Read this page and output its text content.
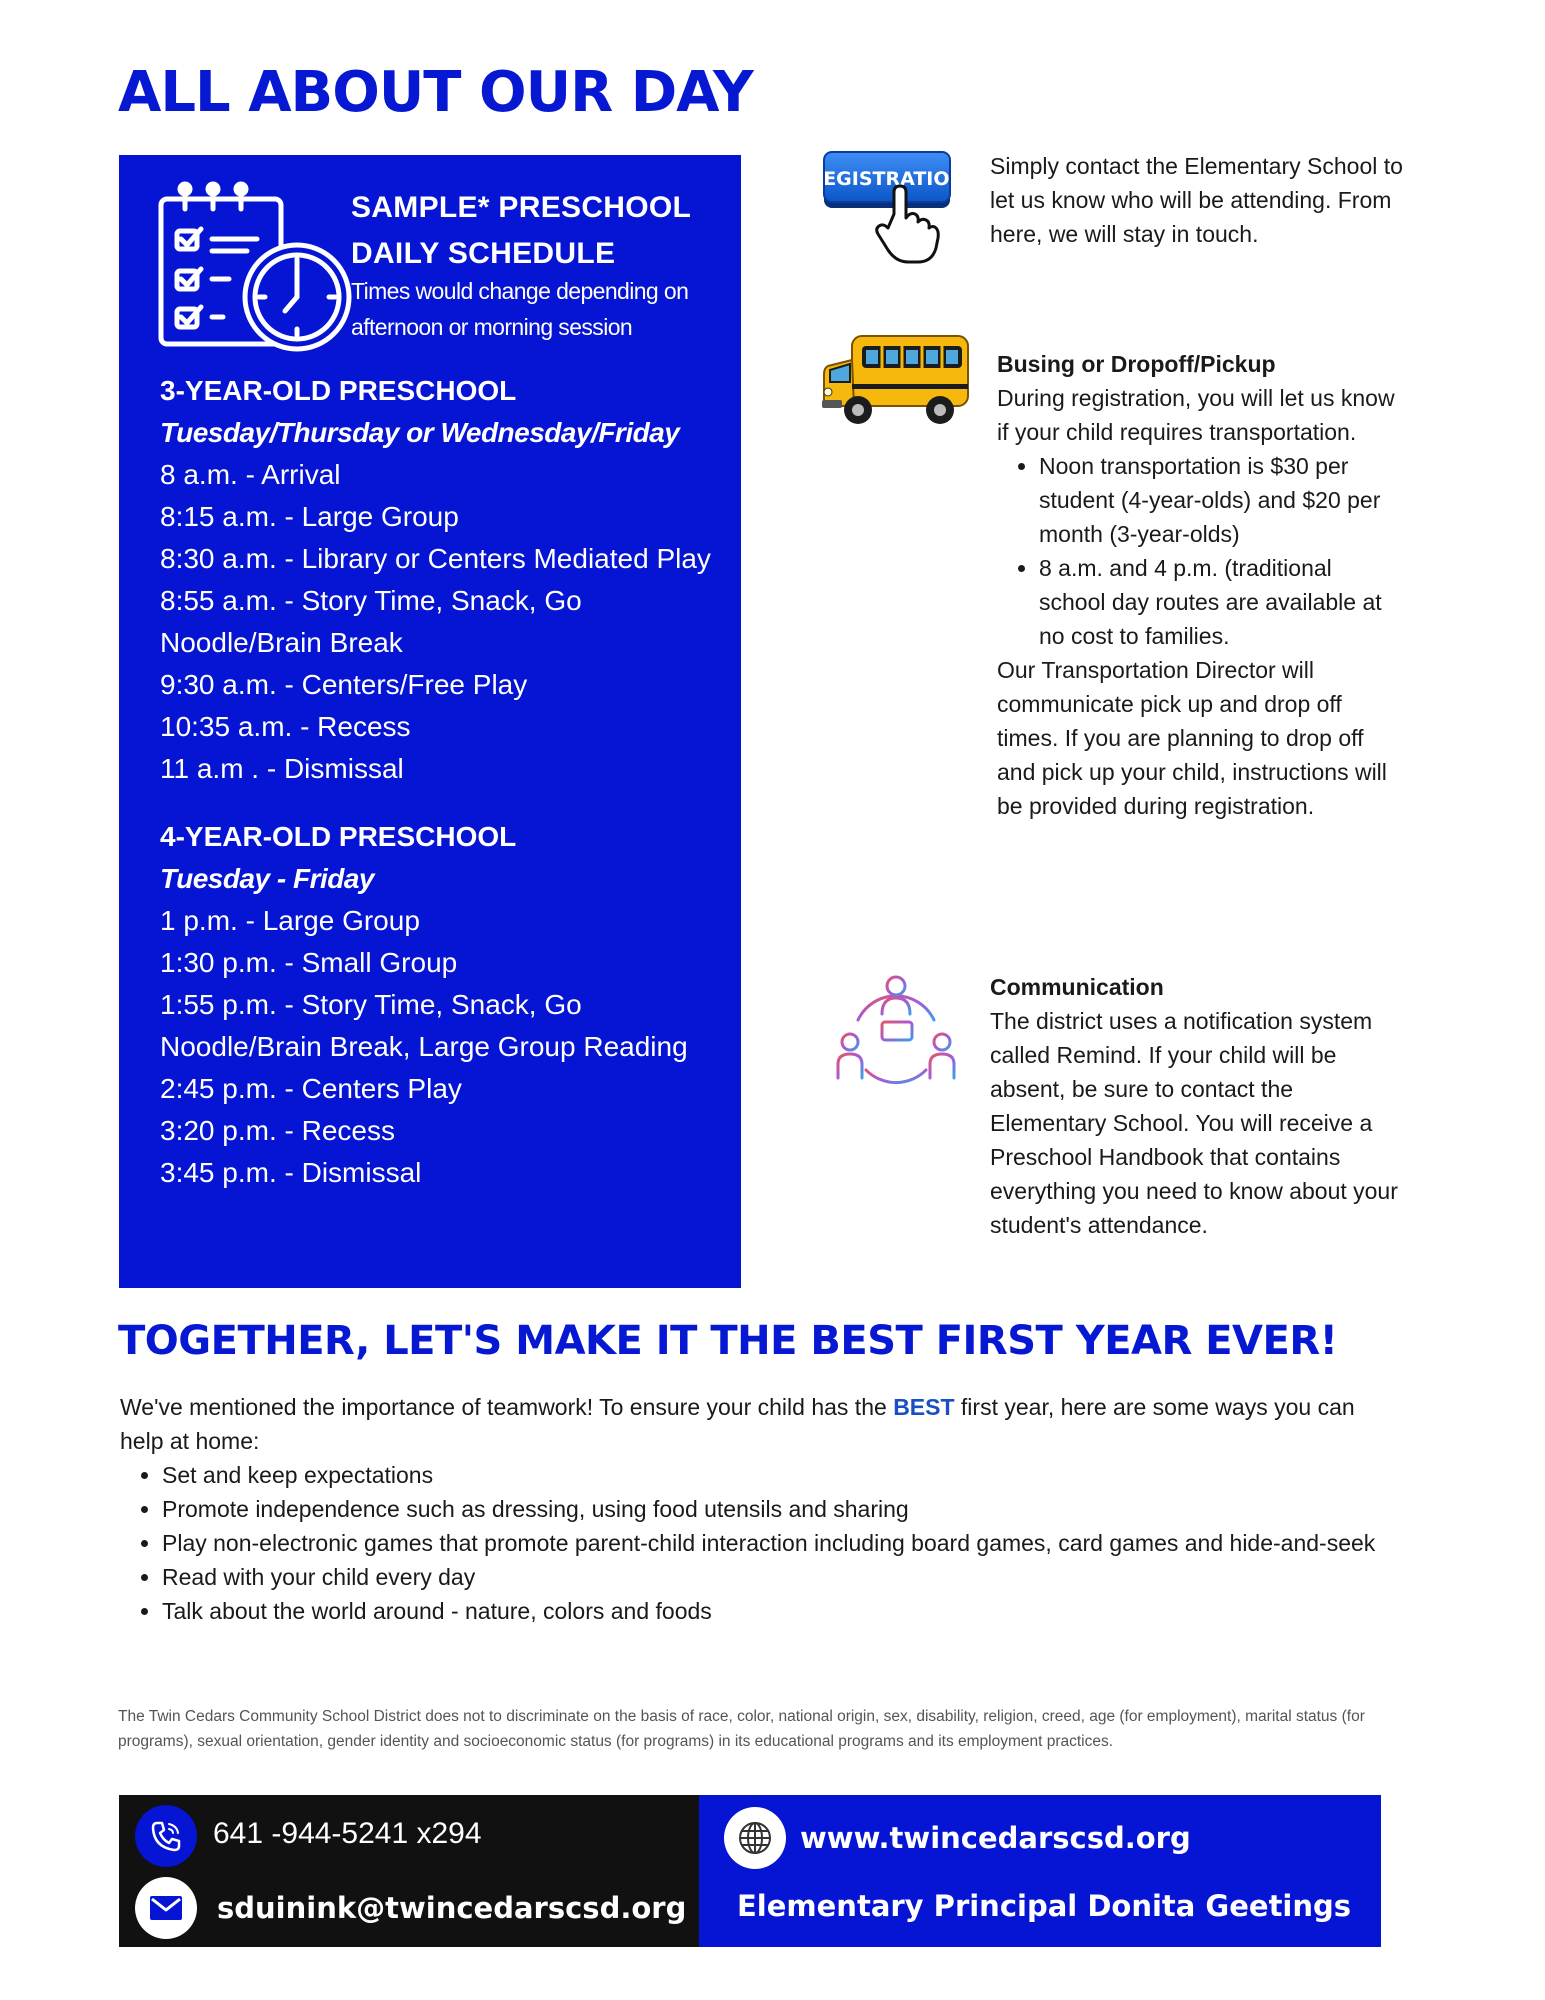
ALL ABOUT OUR DAY
SAMPLE* PRESCHOOL DAILY SCHEDULE
Times would change depending on afternoon or morning session
3-YEAR-OLD PRESCHOOL
Tuesday/Thursday or Wednesday/Friday
8 a.m. - Arrival
8:15 a.m. - Large Group
8:30 a.m. - Library or Centers Mediated Play
8:55 a.m. - Story Time, Snack, Go Noodle/Brain Break
9:30 a.m. - Centers/Free Play
10:35 a.m. - Recess
11 a.m . - Dismissal
4-YEAR-OLD PRESCHOOL
Tuesday - Friday
1 p.m. - Large Group
1:30 p.m. - Small Group
1:55 p.m. - Story Time, Snack, Go Noodle/Brain Break, Large Group Reading
2:45 p.m. - Centers Play
3:20 p.m. - Recess
3:45 p.m. - Dismissal
REGISTRATION Simply contact the Elementary School to let us know who will be attending. From here, we will stay in touch.
Busing or Dropoff/Pickup
During registration, you will let us know if your child requires transportation.
• Noon transportation is $30 per student (4-year-olds) and $20 per month (3-year-olds)
• 8 a.m. and 4 p.m. (traditional school day routes are available at no cost to families.
Our Transportation Director will communicate pick up and drop off times. If you are planning to drop off and pick up your child, instructions will be provided during registration.
Communication
The district uses a notification system called Remind. If your child will be absent, be sure to contact the Elementary School. You will receive a Preschool Handbook that contains everything you need to know about your student's attendance.
TOGETHER, LET'S MAKE IT THE BEST FIRST YEAR EVER!
We've mentioned the importance of teamwork! To ensure your child has the BEST first year, here are some ways you can help at home:
• Set and keep expectations
• Promote independence such as dressing, using food utensils and sharing
• Play non-electronic games that promote parent-child interaction including board games, card games and hide-and-seek
• Read with your child every day
• Talk about the world around - nature, colors and foods
The Twin Cedars Community School District does not to discriminate on the basis of race, color, national origin, sex, disability, religion, creed, age (for employment), marital status (for programs), sexual orientation, gender identity and socioeconomic status (for programs) in its educational programs and its employment practices.
641 -944-5241 x294
sduinink@twincedarscsd.org
www.twincedarscsd.org
Elementary Principal Donita Geetings
